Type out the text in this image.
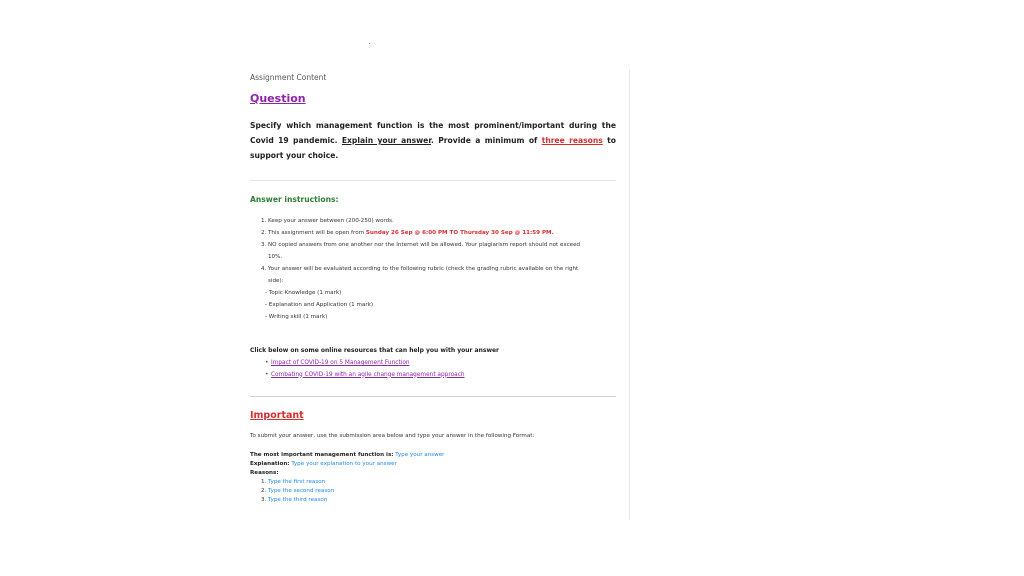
Assignment Content
Question
Specify which management function is the most prominent/important during the Covid 19 pandemic. Explain your answer. Provide a minimum of three reasons to support your choice.
Answer instructions:
1. Keep your answer between (200-250) words.
2. This assignment will be open from Sunday 26 Sep @ 6:00 PM TO Thursday 30 Sep @ 11:59 PM.
3. NO copied answers from one another nor the Internet will be allowed. Your plagiarism report should not exceed
10%.
4. Your answer will be evaluated according to the following rubric (check the grading rubric available on the right
side):
- Topic Knowledge (1 mark)
- Explanation and Application (1 mark)
- Writing skill (1 mark)
Click below on some online resources that can help you with your answer
• Impact of COVID-19 on 5 Management Function
• Combating COVID-19 with an agile change management approach
Important
To submit your answer, use the submission area below and type your answer in the following Format:
The most important management function is: Type your answer
Explanation: Type your explanation to your answer
Reasons:
1. Type the first reason
2. Type the second reason
3. Type the third reason
